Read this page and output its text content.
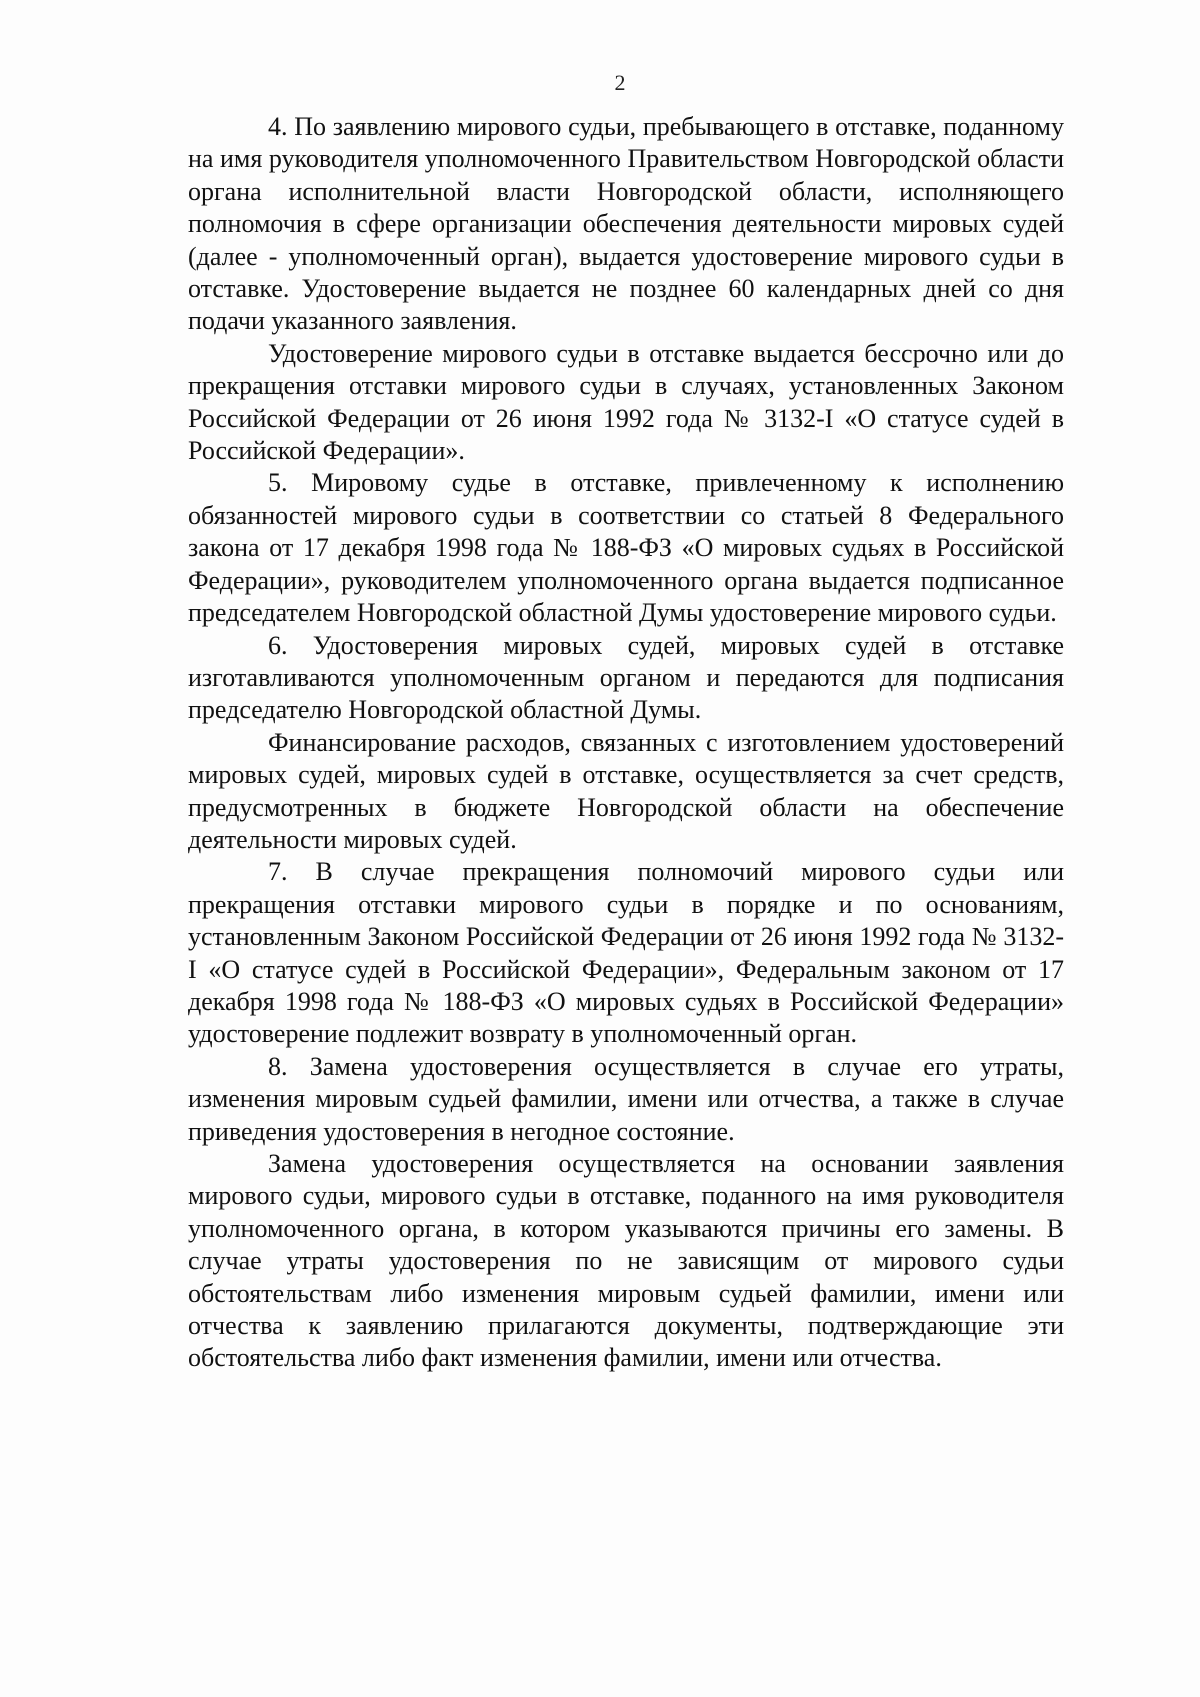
2

4. По заявлению мирового судьи, пребывающего в отставке, поданному на имя руководителя уполномоченного Правительством Новгородской области органа исполнительной власти Новгородской области, исполняющего полномочия в сфере организации обеспечения деятельности мировых судей (далее - уполномоченный орган), выдается удостоверение мирового судьи в отставке. Удостоверение выдается не позднее 60 календарных дней со дня подачи указанного заявления.

Удостоверение мирового судьи в отставке выдается бессрочно или до прекращения отставки мирового судьи в случаях, установленных Законом Российской Федерации от 26 июня 1992 года № 3132-I «О статусе судей в Российской Федерации».

5. Мировому судье в отставке, привлеченному к исполнению обязанностей мирового судьи в соответствии со статьей 8 Федерального закона от 17 декабря 1998 года № 188-ФЗ «О мировых судьях в Российской Федерации», руководителем уполномоченного органа выдается подписанное председателем Новгородской областной Думы удостоверение мирового судьи.

6. Удостоверения мировых судей, мировых судей в отставке изготавливаются уполномоченным органом и передаются для подписания председателю Новгородской областной Думы.

Финансирование расходов, связанных с изготовлением удостоверений мировых судей, мировых судей в отставке, осуществляется за счет средств, предусмотренных в бюджете Новгородской области на обеспечение деятельности мировых судей.

7. В случае прекращения полномочий мирового судьи или прекращения отставки мирового судьи в порядке и по основаниям, установленным Законом Российской Федерации от 26 июня 1992 года № 3132-I «О статусе судей в Российской Федерации», Федеральным законом от 17 декабря 1998 года № 188-ФЗ «О мировых судьях в Российской Федерации» удостоверение подлежит возврату в уполномоченный орган.

8. Замена удостоверения осуществляется в случае его утраты, изменения мировым судьей фамилии, имени или отчества, а также в случае приведения удостоверения в негодное состояние.

Замена удостоверения осуществляется на основании заявления мирового судьи, мирового судьи в отставке, поданного на имя руководителя уполномоченного органа, в котором указываются причины его замены. В случае утраты удостоверения по не зависящим от мирового судьи обстоятельствам либо изменения мировым судьей фамилии, имени или отчества к заявлению прилагаются документы, подтверждающие эти обстоятельства либо факт изменения фамилии, имени или отчества.
